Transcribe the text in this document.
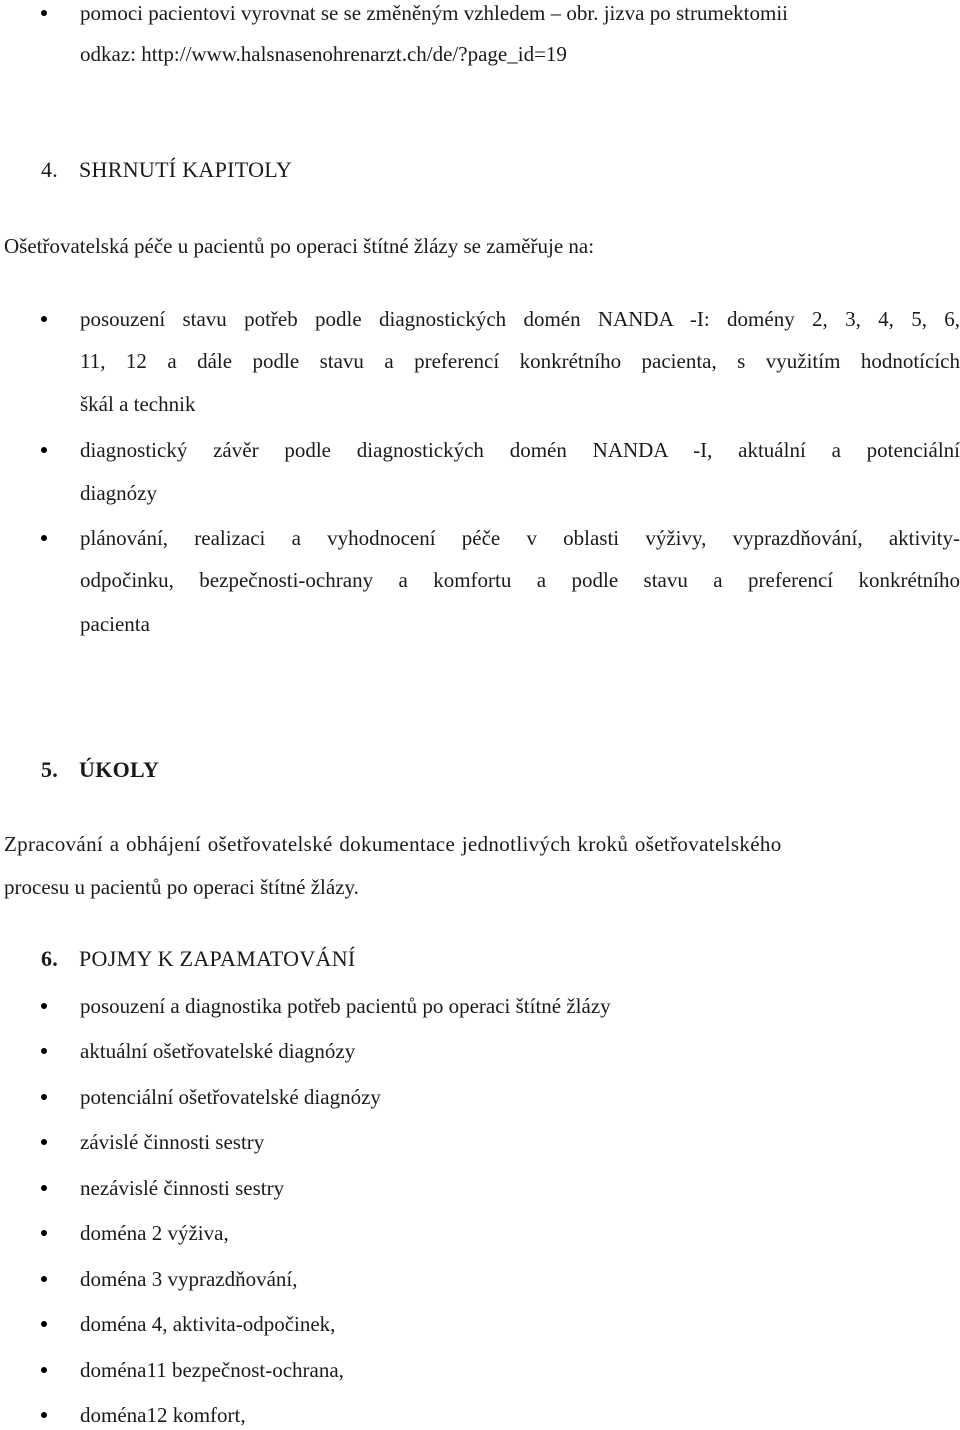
pomoci pacientovi vyrovnat se se změněným vzhledem – obr. jizva po strumektomii
odkaz: http://www.halsnasenohrenarzt.ch/de/?page_id=19
4. SHRNUTÍ KAPITOLY
Ošetřovatelská péče u pacientů po operaci štítné žlázy se zaměřuje na:
posouzení stavu potřeb podle diagnostických domén NANDA -I: domény 2, 3, 4, 5, 6,
11, 12 a dále podle stavu a preferencí konkrétního pacienta, s využitím hodnotících
škál a technik
diagnostický závěr podle diagnostických domén NANDA -I, aktuální a potenciální
diagnózy
plánování, realizaci a vyhodnocení péče v oblasti výživy, vyprazdňování, aktivity-
odpočinku, bezpečnosti-ochrany a komfortu a podle stavu a preferencí konkrétního
pacienta
5. ÚKOLY
Zpracování a obhájení ošetřovatelské dokumentace jednotlivých kroků ošetřovatelského
procesu u pacientů po operaci štítné žlázy.
6. POJMY K ZAPAMATOVÁNÍ
posouzení a diagnostika potřeb pacientů po operaci štítné žlázy
aktuální ošetřovatelské diagnózy
potenciální ošetřovatelské diagnózy
závislé činnosti sestry
nezávislé činnosti sestry
doména 2 výživa,
doména 3 vyprazdňování,
doména 4, aktivita-odpočinek,
doména11 bezpečnost-ochrana,
doména12 komfort,
